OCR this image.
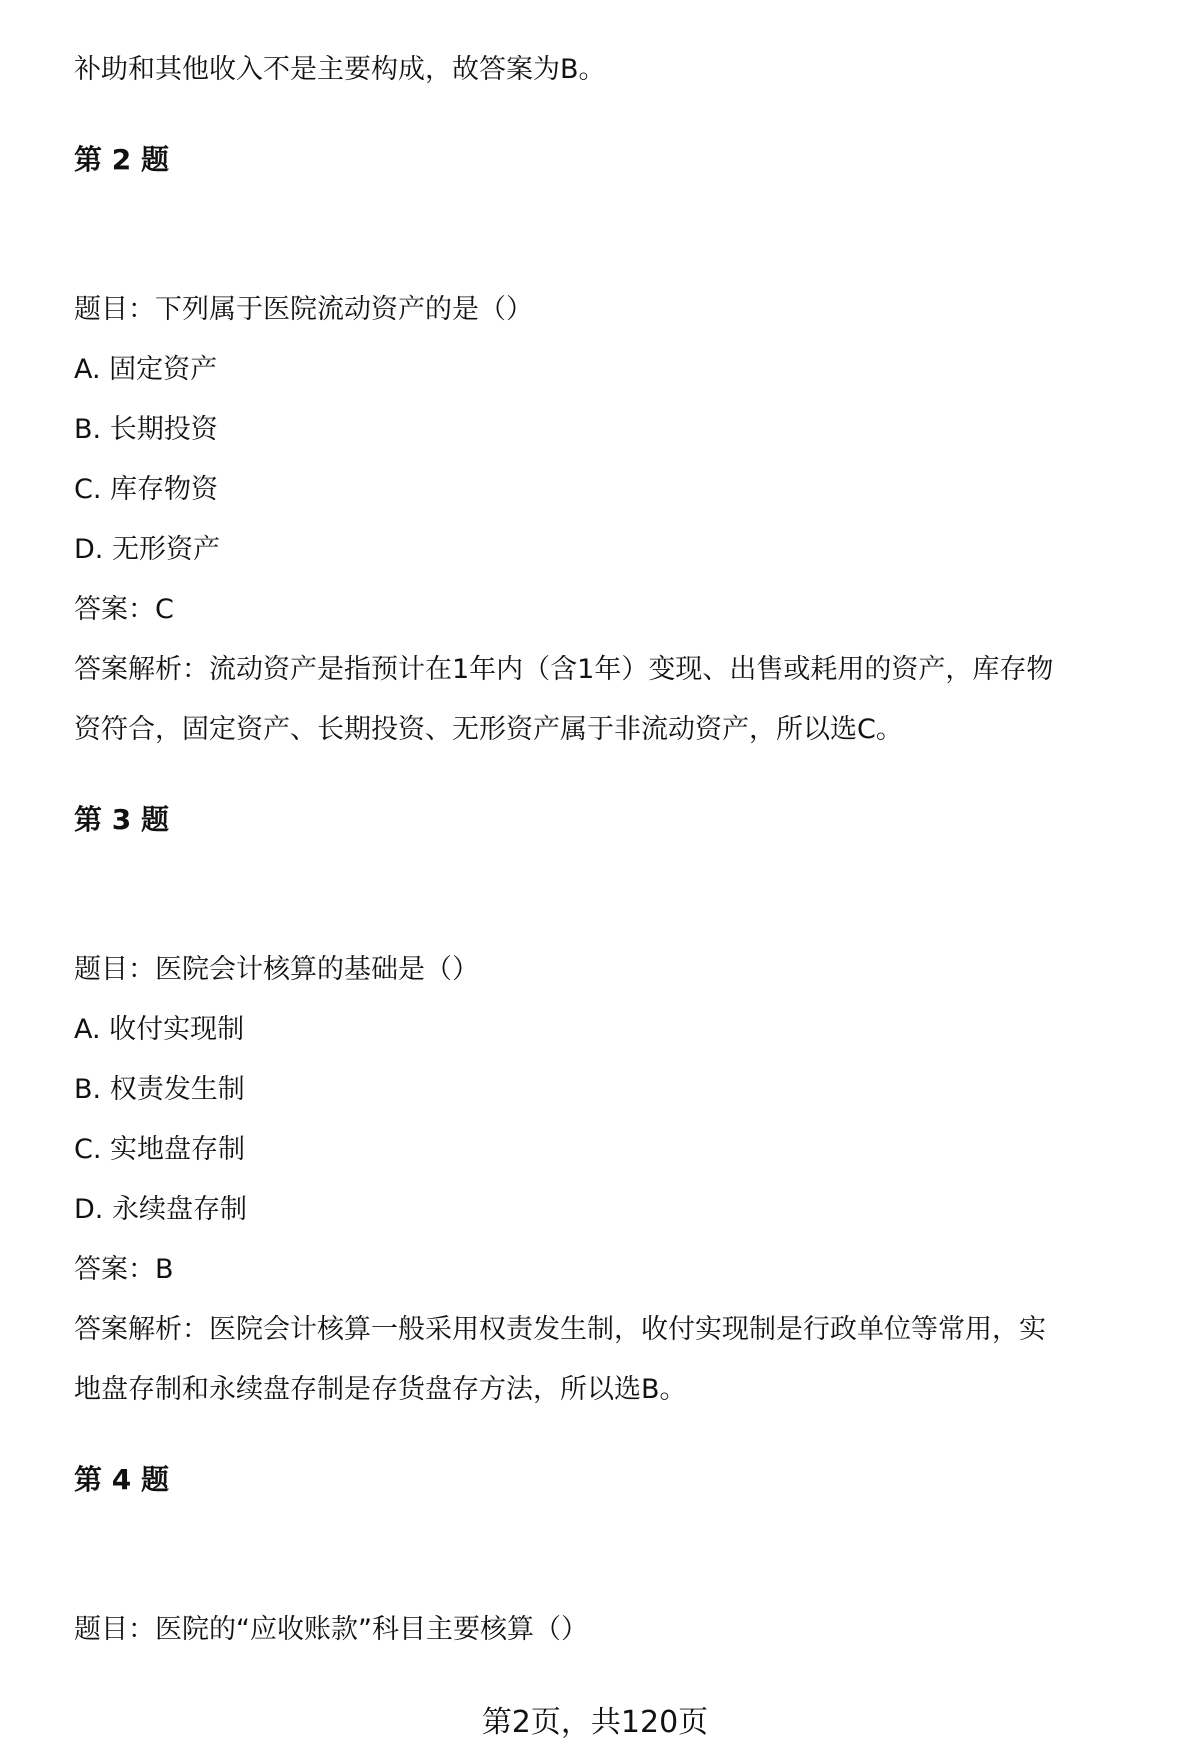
补助和其他收入不是主要构成，故答案为B。

第 2 题

题目：下列属于医院流动资产的是（）

A. 固定资产

B. 长期投资

C. 库存物资

D. 无形资产

答案：C

答案解析：流动资产是指预计在1年内（含1年）变现、出售或耗用的资产，库存物

资符合，固定资产、长期投资、无形资产属于非流动资产，所以选C。

第 3 题

题目：医院会计核算的基础是（）

A. 收付实现制

B. 权责发生制

C. 实地盘存制

D. 永续盘存制

答案：B

答案解析：医院会计核算一般采用权责发生制，收付实现制是行政单位等常用，实

地盘存制和永续盘存制是存货盘存方法，所以选B。

第 4 题

题目：医院的“应收账款”科目主要核算（）

第2页，共120页
